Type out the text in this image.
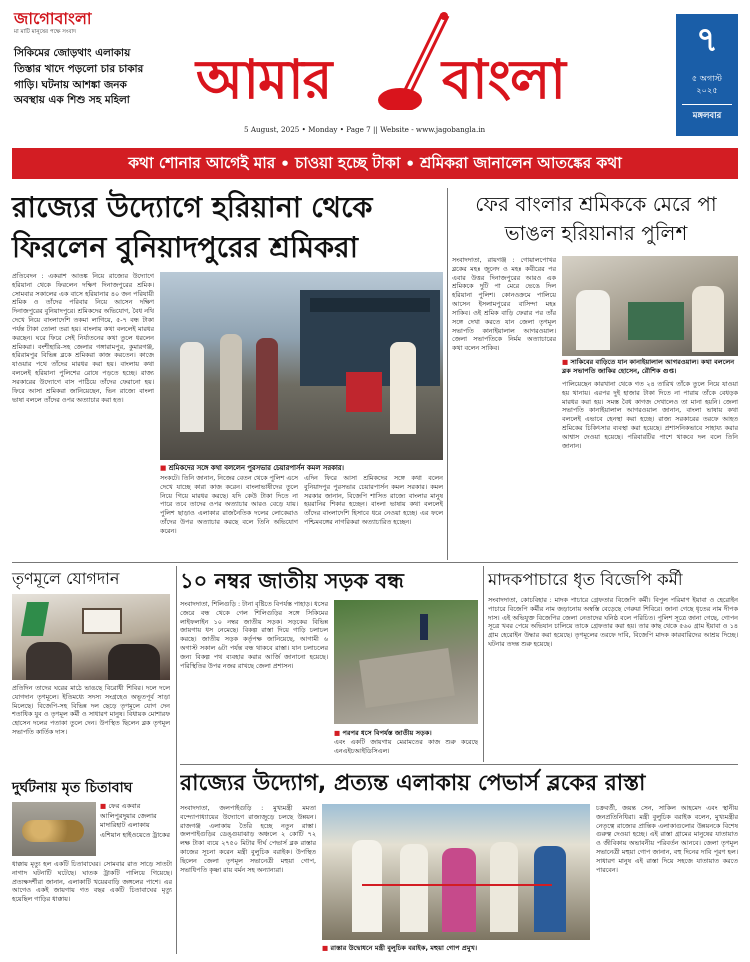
জাগোবাংলা
মা মাটি মানুষের পক্ষে সংবাদ
সিকিমের জোড়থাং এলাকায় তিস্তার খাদে পড়লো চার চাকার গাড়ি। ঘটনায় আশঙ্কা জনক অবস্থায় এক শিশু সহ মহিলা	আমার বাংলা
5 August, 2025 • Monday • Page 7 || Website - www.jagobangla.in
৭
৫ অগাস্ট ২০২৫
মঙ্গলবার
কথা শোনার আগেই মার • চাওয়া হচ্ছে টাকা • শ্রমিকরা জানালেন আতঙ্কের কথা
রাজ্যের উদ্যোগে হরিয়ানা থেকে ফিরলেন বুনিয়াদপুরের শ্রমিকরা
প্রতিবেদন : একরাশ আতঙ্ক নিয়ে রাজ্যের উদ্যোগে হরিয়ানা থেকে ফিরলেন দক্ষিণ দিনাজপুরের শ্রমিক। সোমবার সকালের এক বাসে হরিয়ানার ৪০ জন পরিযায়ী শ্রমিক ও তাঁদের পরিবার নিয়ে আসেন দক্ষিণ দিনাজপুরের বুনিয়াদপুরে। শ্রমিকদের অভিযোগ, বৈধ নথি দেখে নিয়ে বাংলাদেশি তকমা লাগিয়ে, ৫-৭ বন্ধ টাকা পর্যন্ত টাকা তোলা তরা হয়। বাংলায় কথা বললেই মারধর করছেন। ঘরে ফিরে সেই নির্যাতনের কথা তুলে ধরলেন শ্রমিকরা। বংশীহারি-সহ জেলার গঙ্গারামপুর, কুমারগঞ্জ, হরিরামপুর বিভিন্ন ব্লকে শ্রমিকরা কাজ করতেন। কাজে যাওয়ার পথে তাঁদের মারধর করা হয়। বাংলায় কথা বললেই হরিয়ানা পুলিশের রোষে পড়তে হচ্ছে। রাজ্য সরকারের উদ্যোগে বাস পাঠিয়ে তাঁদের ফেরানো হয়। ফিরে আসা শ্রমিকরা জানিয়েছেন, ভিন রাজ্যে বাংলা ভাষা বললে তাঁদের ওপর অত্যাচার করা হত।
■ শ্রমিকদের সঙ্গে কথা বললেন পুরসভার চেয়ারপার্সন কমল সরকার।
সংকটে। তিনি জানান, নিজের বেতন থেকে পুলিশ এসে দেখে যাচ্ছে কারা কাজ করেন। বাংলাভাষীদের তুলে নিয়ে গিয়ে মারধর করছে। যদি কেউ টাকা দিতে না পারে তবে তাদের ওপর অত্যাচার আরও বেড়ে যায়। পুলিশ ছাড়াও এলাকার রাজনৈতিক দলের লোকেরাও তাঁদের উপর অত্যাচার করছে বলে তিনি অভিযোগ করেন।
এদিন ফিরে আসা শ্রমিকদের সঙ্গে কথা বলেন বুনিয়াদপুর পুরসভার চেয়ারপার্সন কমল সরকার। কমল সরকার জানান, বিজেপি শাসিত রাজ্যে বাংলার মানুষ হয়রানির শিকার হচ্ছেন। বাংলা ভাষায় কথা বললেই তাঁদের বাংলাদেশি হিসাবে ধরে নেওয়া হচ্ছে। এর ফলে পশ্চিমবঙ্গের নাগরিকরা অত্যাচারিত হচ্ছেন।
ফের বাংলার শ্রমিককে মেরে পা ভাঙল হরিয়ানার পুলিশ
সংবাদদাতা, রায়গঞ্জ : গোয়ালপোখর ব্লকের মহঃ জুনেদ ও মহঃ কবীরের পর এবার উত্তর দিনাজপুরের আরও এক শ্রমিককে দুটি পা মেরে ভেঙে দিল হরিয়ানা পুলিশ। কোনওক্রমে পালিয়ে আসেন ইসলামপুরের বাসিন্দা মহঃ সাকিব। ওই শ্রমিক বাড়ি ফেরার পর তাঁর সঙ্গে দেখা করতে যান জেলা তৃণমূল সভাপতি কানাইয়ালাল আগরওয়াল। জেলা সভাপতিকে নির্মম অত্যাচারের কথা বলেন সাকিব।
■ সাকিবের বাড়িতে যান কানাইয়ালাল আগরওয়াল। কথা বললেন ব্লক সভাপতি জাকির হোসেন, রৌশিক গুপ্ত।
পালিয়েছেন কারখানা থেকে গত ২৪ তারিখ তাঁকে তুলে নিয়ে যাওয়া হয় থানায়। এরপর দুই হাজার টাকা দিতে না পারায় তাঁকে বেধড়ক মারধর করা হয়। সমস্ত বৈধ কাগজ দেখালেও তা মানা হয়নি। জেলা সভাপতি কানাইয়ালাল আগরওয়াল জানান, বাংলা ভাষায় কথা বললেই এভাবে হেনস্থা করা হচ্ছে। রাজ্য সরকারের তরফে আহত শ্রমিকের চিকিৎসার ব্যবস্থা করা হয়েছে। প্রশাসনিকভাবে সাহায্য করার আশ্বাস দেওয়া হয়েছে। পরিবারটির পাশে থাকবে দল বলে তিনি জানান।
তৃণমূলে যোগদান
প্রতিদিন তাদের ঘরের মাঠে ভাঙছে বিরোধী শিবির। দলে দলে যোগদান তৃণমূলে। ইতিমধ্যে সদস্য সংগ্রহেও অভূতপূর্ব সাড়া মিলেছে। বিজেপি-সহ বিভিন্ন দল ছেড়ে তৃণমূলে যোগ দেন শতাধিক যুব ও তৃণমূল কর্মী ও সাধারণ মানুষ। বিধায়ক মোশারফ হোসেন দলের পতাকা তুলে দেন। উপস্থিত ছিলেন ব্লক তৃণমূল সভাপতি কার্তিক দাস।
দুর্ঘটনায় মৃত চিতাবাঘ
■ ফের একবার আলিপুরদুয়ার জেলার মাদারিহাট এলাকায় এশিয়ান হাইওয়েতে ট্রাকের
ধাক্কায় মৃত্যু হল একটি চিতাবাঘের। সোমবার রাত সাড়ে সাতটা নাগাদ ঘটনাটি ঘটেছে। ঘাতক ট্রাকটি পালিয়ে গিয়েছে। প্রত্যক্ষদর্শীরা জানান, এলাকাটি খয়েরবাড়ি জঙ্গলের পাশে। এর আগেও একই জায়গায় গত বছর একটি চিতাবাঘের মৃত্যু হয়েছিল গাড়ির ধাক্কায়।
১০ নম্বর জাতীয় সড়ক বন্ধ
সংবাদদাতা, শিলিগুড়ি : টানা বৃষ্টিতে বিপর্যস্ত পাহাড়। ধসের জেরে বন্ধ থেকে গেল শিলিগুড়ির সঙ্গে সিকিমের লাইফলাইন ১০ নম্বর জাতীয় সড়ক। সড়কের বিভিন্ন জায়গায় ধস নেমেছে। বিকল্প রাস্তা দিয়ে গাড়ি চলাচল করছে। জাতীয় সড়ক কর্তৃপক্ষ জানিয়েছে, আগামী ৬ অগাস্ট সকাল ৬টা পর্যন্ত বন্ধ থাকবে রাস্তা। যান চলাচলের জন্য বিকল্প পথ ব্যবহার করার আর্জি জানানো হয়েছে। পরিস্থিতির উপর নজর রাখছে জেলা প্রশাসন।
■ পরপর ধসে বিপর্যস্ত জাতীয় সড়ক।
এবং একটি জায়গায় মেরামতের কাজ শুরু করেছে এনএইচআইডিসিএল।
মাদকপাচারে ধৃত বিজেপি কর্মী
সংবাদদাতা, কোচবিহার : মাদক পাচারে গ্রেফতার বিজেপি কর্মী। বিপুল পরিমাণ ইয়াবা ও হেরোইন পাচারে বিজেপি কর্মীর নাম জড়ানোয় অস্বস্তি বেড়েছে গেরুয়া শিবিরে। জানা গেছে ধৃতের নাম দীপক দাস। এই অভিযুক্ত বিজেপির জেলা নেতাদের ঘনিষ্ঠ বলে পরিচিত। পুলিশ সূত্রে জানা গেছে, গোপন সূত্রে খবর পেয়ে অভিযান চালিয়ে তাকে গ্রেফতার করা হয়। তার কাছ থেকে ৫৬০ গ্রাম ইয়াবা ও ১৪ গ্রাম হেরোইন উদ্ধার করা হয়েছে। তৃণমূলের তরফে দাবি, বিজেপি মাদক কারবারিদের আশ্রয় দিচ্ছে। ঘটনার তদন্ত শুরু হয়েছে।
রাজ্যের উদ্যোগ, প্রত্যন্ত এলাকায় পেভার্স ব্লকের রাস্তা
সংবাদদাতা, জলপাইগুড়ি : মুখ্যমন্ত্রী মমতা বন্দ্যোপাধ্যায়ের উদ্যোগে রাজ্যজুড়ে চলছে উন্নয়ন। রাজগঞ্জ এলাকায় তৈরি হচ্ছে নতুন রাস্তা। জলপাইগুড়ির ডেঙ্গুয়াঝাড় অঞ্চলে ২ কোটি ৭২ লক্ষ টাকা ব্যয়ে ২৭৫০ মিটার দীর্ঘ পেভার্স ব্লক রাস্তার কাজের সূচনা করেন মন্ত্রী বুলুচিক বরাইক। উপস্থিত ছিলেন জেলা তৃণমূল সভানেত্রী মহুয়া গোপ, সভাধিপতি কৃষ্ণা রায় বর্মন সহ অন্যান্যরা।
■ রাস্তার উদ্বোধনে মন্ত্রী বুলুচিক বরাইক, মহুয়া গোপ প্রমুখ।
চক্রবর্তী, জয়ন্ত সেন, সাকিল আহমেদ এবং স্থানীয় জনপ্রতিনিধিরা। মন্ত্রী বুলুচিক বরাইক বলেন, মুখ্যমন্ত্রীর নেতৃত্বে রাজ্যের প্রান্তিক এলাকাগুলোর উন্নয়নকে বিশেষ গুরুত্ব দেওয়া হচ্ছে। এই রাস্তা গ্রামের মানুষের যাতায়াত ও জীবিকায় অভাবনীয় পরিবর্তন আনবে। জেলা তৃণমূল সভানেত্রী মহুয়া গোপ জানান, বহু দিনের দাবি পূরণ হল। সাধারণ মানুষ এই রাস্তা দিয়ে সহজে যাতায়াত করতে পারবেন।
